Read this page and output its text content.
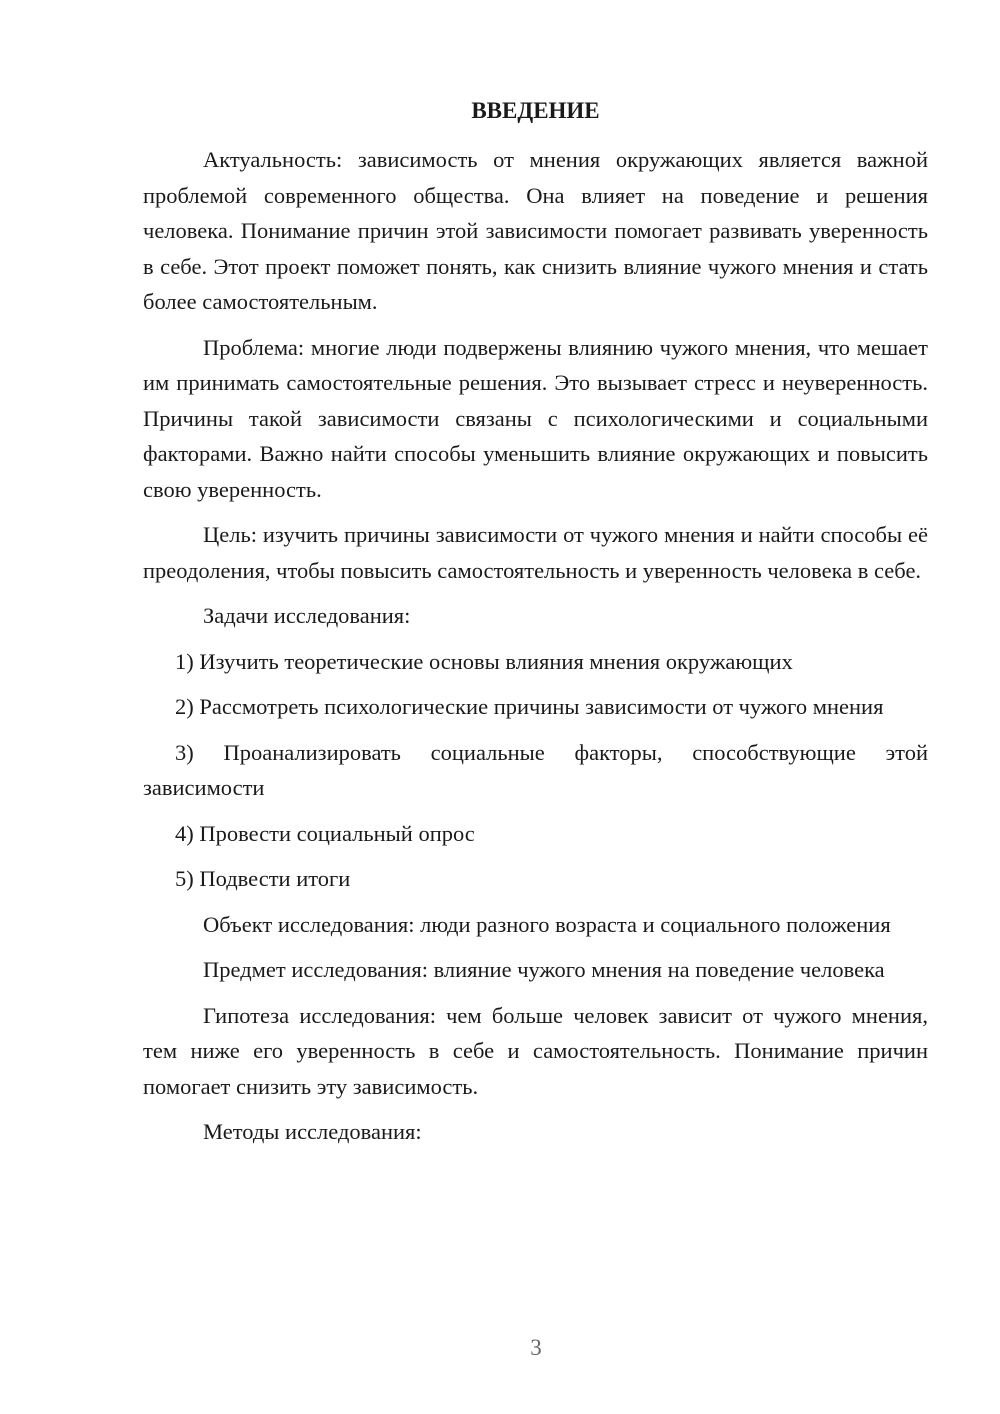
ВВЕДЕНИЕ

Актуальность: зависимость от мнения окружающих является важной проблемой современного общества. Она влияет на поведение и решения человека. Понимание причин этой зависимости помогает развивать уверенность в себе. Этот проект поможет понять, как снизить влияние чужого мнения и стать более самостоятельным.

Проблема: многие люди подвержены влиянию чужого мнения, что мешает им принимать самостоятельные решения. Это вызывает стресс и неуверенность. Причины такой зависимости связаны с психологическими и социальными факторами. Важно найти способы уменьшить влияние окружающих и повысить свою уверенность.

Цель: изучить причины зависимости от чужого мнения и найти способы её преодоления, чтобы повысить самостоятельность и уверенность человека в себе.

Задачи исследования:

1) Изучить теоретические основы влияния мнения окружающих

2) Рассмотреть психологические причины зависимости от чужого мнения

3) Проанализировать социальные факторы, способствующие этой зависимости

4) Провести социальный опрос

5) Подвести итоги

Объект исследования: люди разного возраста и социального положения

Предмет исследования: влияние чужого мнения на поведение человека

Гипотеза исследования: чем больше человек зависит от чужого мнения, тем ниже его уверенность в себе и самостоятельность. Понимание причин помогает снизить эту зависимость.

Методы исследования:

3
